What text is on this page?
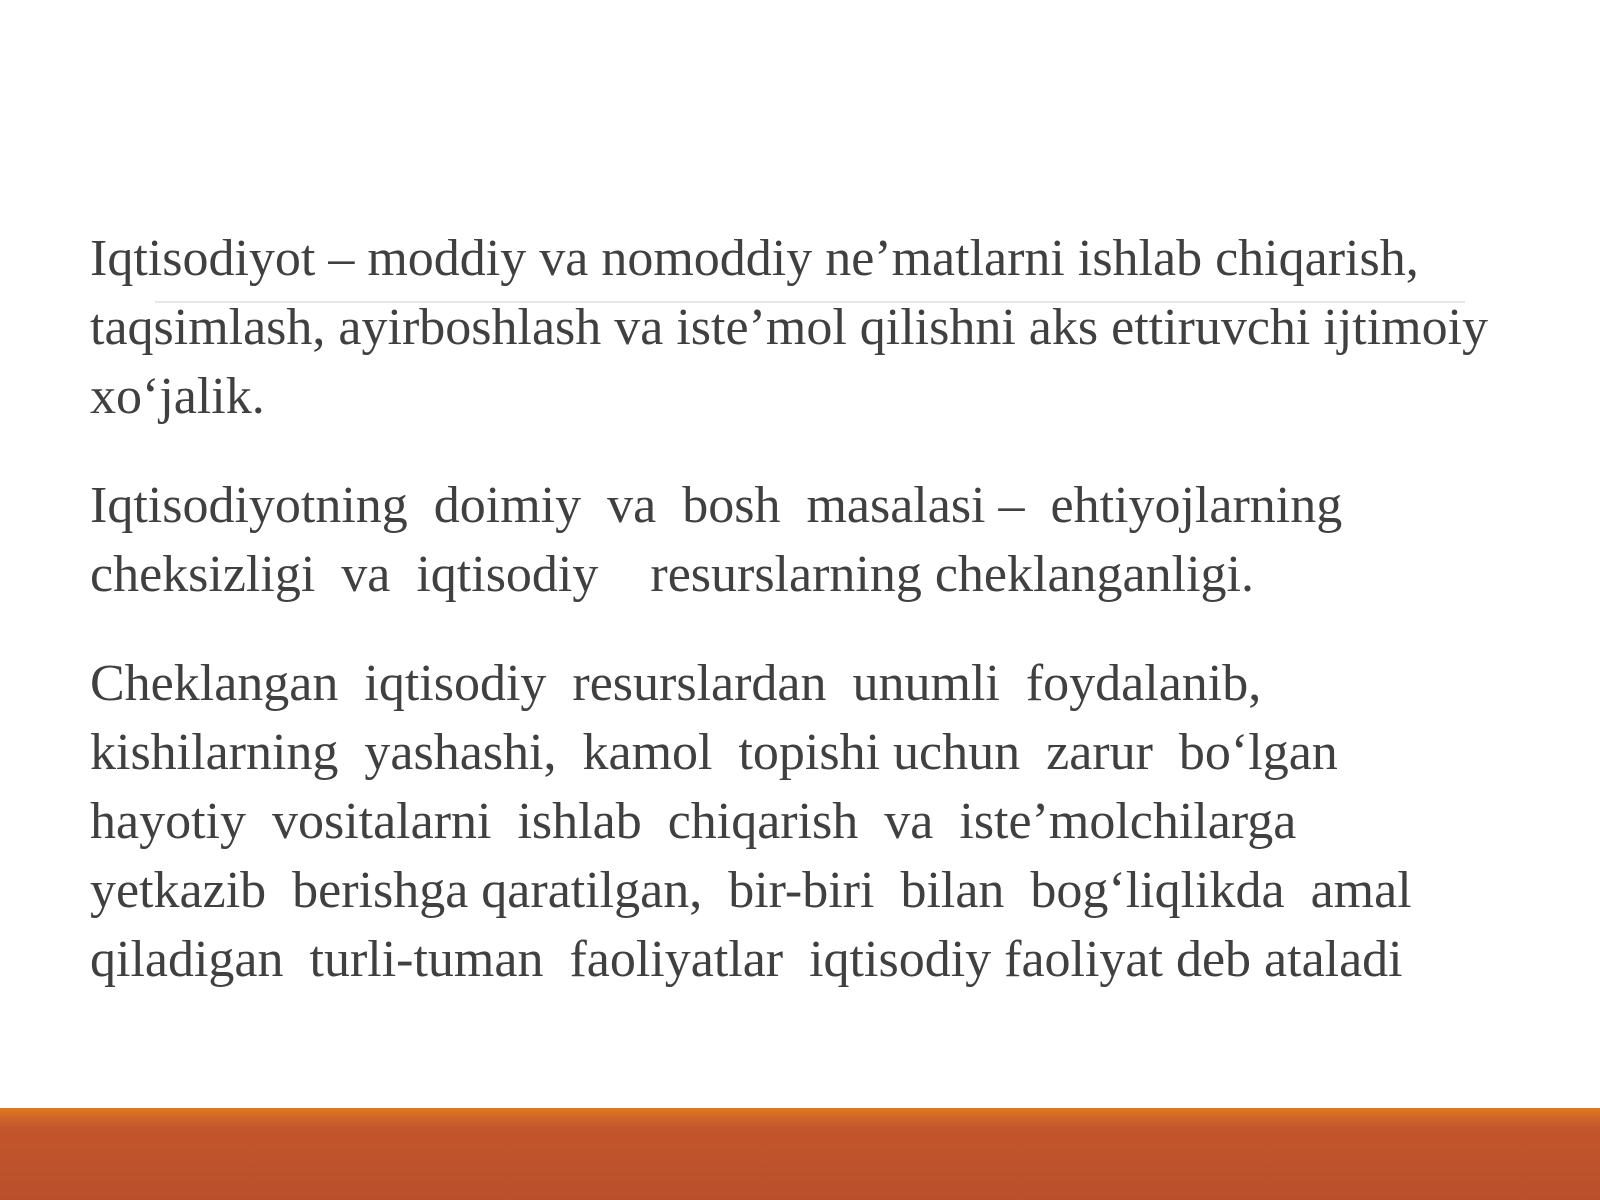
Iqtisodiyot – moddiy va nomoddiy ne’matlarni ishlab chiqarish,
taqsimlash, ayirboshlash va iste’mol qilishni aks ettiruvchi ijtimoiy
xo‘jalik.

Iqtisodiyotning  doimiy  va  bosh  masalasi –  ehtiyojlarning
cheksizligi  va  iqtisodiy    resurslarning cheklanganligi.

Cheklangan  iqtisodiy  resurslardan  unumli  foydalanib,
kishilarning  yashashi,  kamol  topishi uchun  zarur  bo‘lgan
hayotiy  vositalarni  ishlab  chiqarish  va  iste’molchilarga
yetkazib  berishga qaratilgan,  bir-biri  bilan  bog‘liqlikda  amal
qiladigan  turli-tuman  faoliyatlar  iqtisodiy faoliyat deb ataladi
